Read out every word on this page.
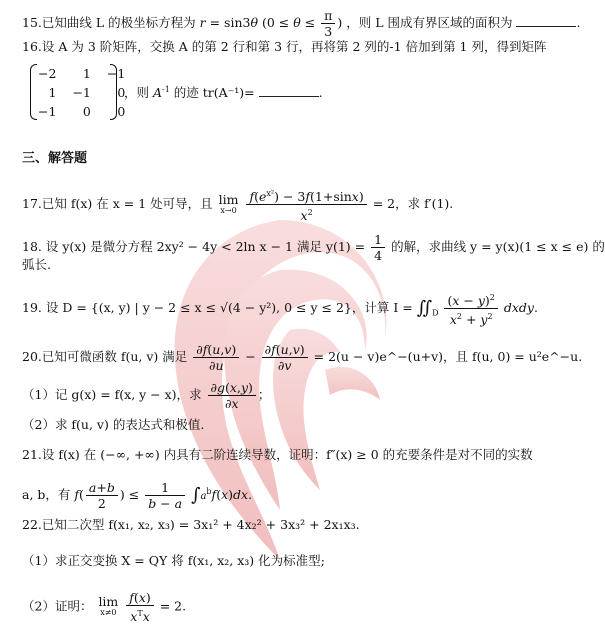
15.已知曲线 L 的极坐标方程为 r = sin3θ ($0 \le \theta \le \frac{\pi}{3}$ ) ，则 L 围成有界区域的面积为	.
16.设 A 为 3 阶矩阵，交换 A 的第 2 行和第 3 行，再将第 2 列的-1 倍加到第 1 列，得到矩阵
−2	1	−1
1	−1	0
−1	0	0
，则 $A^{-1}$ 的迹 tr(A⁻¹)=	.
三、解答题
17.已知 f(x) 在 x = 1 处可导，且 lim
x→0
$\frac{f(e^{x^2}) - 3f(1+\sin x)}{x^2} = 2$，求 f′(1).
18. 设 y(x) 是微分方程 2xy² − 4y < 2ln x − 1 满足 $y(1) = \frac{1}{4}$ 的解，求曲线 y = y(x)(1 ≤ x ≤ e) 的
弧长.
19. 设 D = {(x, y) | y − 2 ≤ x ≤ √(4 − y²), 0 ≤ y ≤ 2}，计算 $I = ∬_D \frac{(x - y)^2}{x^2 + y^2}$ dxdy.
20.已知可微函数 f(u, v) 满足 $\frac{\partial f(u,v)}{\partial u} - \frac{\partial f(u,v)}{\partial v} = 2(u$ − v)e^−(u+v)，且 f(u, 0) = u²e^−u.
（1）记 g(x) = f(x, y − x)，求 $\frac{\partial g(x,y)}{\partial x}$ ；
（2）求 f(u, v) 的表达式和极值.
21.设 f(x) 在 (−∞, +∞) 内具有二阶连续导数，证明：f″(x) ≥ 0 的充要条件是对不同的实数
a, b，有 $f( \frac{a+b}{2}$ ) ≤ $\frac{1}{b - a} \int a^bf(x)dx$.
22.已知二次型 f(x₁, x₂, x₃) = 3x₁² + 4x₂² + 3x₃² + 2x₁x₃.
（1）求正交变换 X = QY 将 f(x₁, x₂, x₃) 化为标准型;
（2）证明： lim
x≠0
$\frac{f(x)}{x^Tx} = 2$.
